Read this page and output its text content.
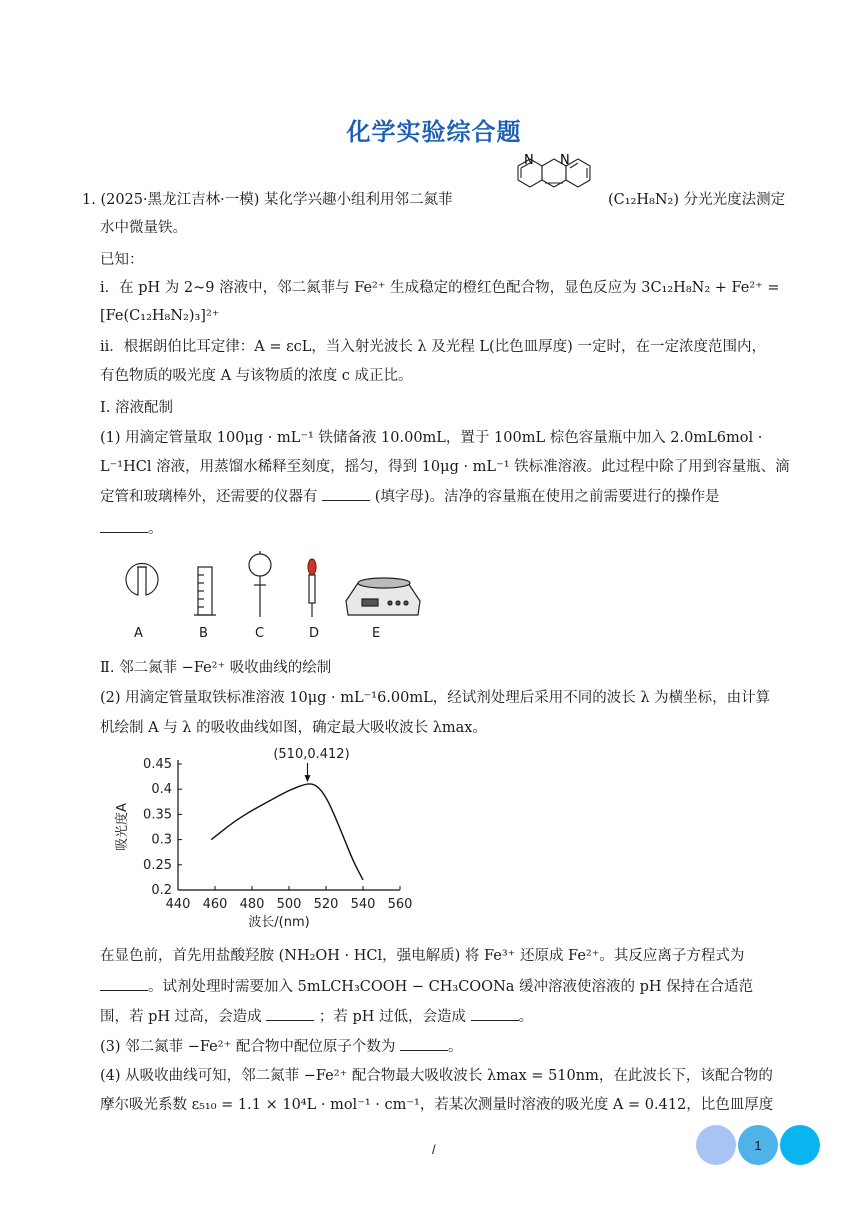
化学实验综合题
1. (2025·黑龙江吉林·一模) 某化学兴趣小组利用邻二氮菲
N N
(C₁₂H₈N₂) 分光光度法测定
水中微量铁。
已知：
i．在 pH 为 2~9 溶液中，邻二氮菲与 Fe²⁺ 生成稳定的橙红色配合物，显色反应为 3C₁₂H₈N₂ + Fe²⁺ =
[Fe(C₁₂H₈N₂)₃]²⁺
ii．根据朗伯比耳定律：A = εcL，当入射光波长 λ 及光程 L(比色皿厚度) 一定时，在一定浓度范围内，
有色物质的吸光度 A 与该物质的浓度 c 成正比。
Ⅰ. 溶液配制
(1) 用滴定管量取 100μg · mL⁻¹ 铁储备液 10.00mL，置于 100mL 棕色容量瓶中加入 2.0mL6mol ·
L⁻¹HCl 溶液，用蒸馏水稀释至刻度，摇匀，得到 10μg · mL⁻¹ 铁标准溶液。此过程中除了用到容量瓶、滴
定管和玻璃棒外，还需要的仪器有	(填字母)。洁净的容量瓶在使用之前需要进行的操作是
。
A	B	C	D	E
Ⅱ. 邻二氮菲 −Fe²⁺ 吸收曲线的绘制
(2) 用滴定管量取铁标准溶液 10μg · mL⁻¹6.00mL，经试剂处理后采用不同的波长 λ 为横坐标，由计算
机绘制 A 与 λ 的吸收曲线如图，确定最大吸收波长 λmax。
440 460 480 500 520 540 560
0.2
0.25
0.3
0.35
0.4
0.45
波长/(nm)
吸光度A
(510,0.412)
在显色前，首先用盐酸羟胺 (NH₂OH · HCl，强电解质) 将 Fe³⁺ 还原成 Fe²⁺。其反应离子方程式为
。试剂处理时需要加入 5mLCH₃COOH − CH₃COONa 缓冲溶液使溶液的 pH 保持在合适范
围，若 pH 过高，会造成	；若 pH 过低，会造成	。
(3) 邻二氮菲 −Fe²⁺ 配合物中配位原子个数为	。
(4) 从吸收曲线可知，邻二氮菲 −Fe²⁺ 配合物最大吸收波长 λmax = 510nm，在此波长下，该配合物的
摩尔吸光系数 ε₅₁₀ = 1.1 × 10⁴L · mol⁻¹ · cm⁻¹，若某次测量时溶液的吸光度 A = 0.412，比色皿厚度
/	1
